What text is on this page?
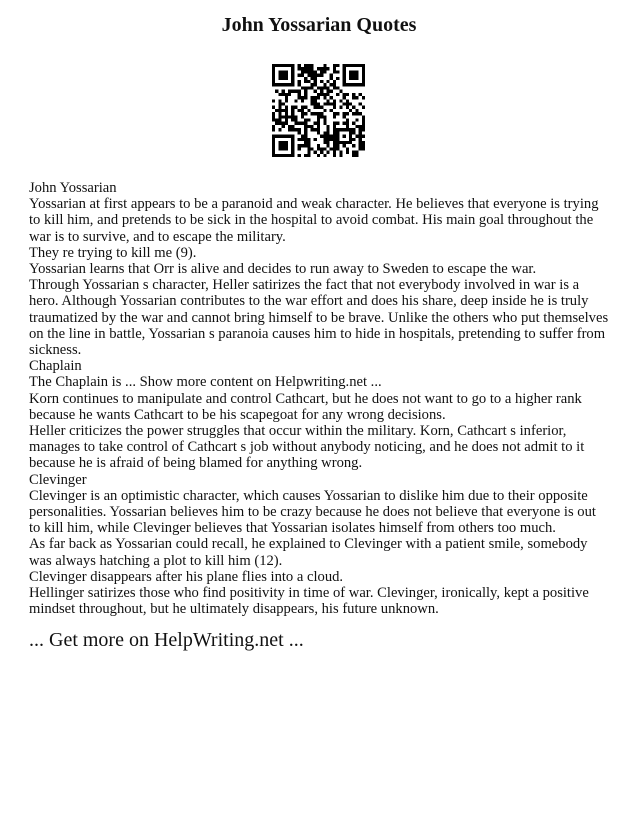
John Yossarian Quotes

John Yossarian

Yossarian at first appears to be a paranoid and weak character. He believes that everyone is trying to kill him, and pretends to be sick in the hospital to avoid combat. His main goal throughout the war is to survive, and to escape the military.

They re trying to kill me (9).

Yossarian learns that Orr is alive and decides to run away to Sweden to escape the war.

Through Yossarian s character, Heller satirizes the fact that not everybody involved in war is a hero. Although Yossarian contributes to the war effort and does his share, deep inside he is truly traumatized by the war and cannot bring himself to be brave. Unlike the others who put themselves on the line in battle, Yossarian s paranoia causes him to hide in hospitals, pretending to suffer from sickness.

Chaplain

The Chaplain is ... Show more content on Helpwriting.net ...

Korn continues to manipulate and control Cathcart, but he does not want to go to a higher rank because he wants Cathcart to be his scapegoat for any wrong decisions.

Heller criticizes the power struggles that occur within the military. Korn, Cathcart s inferior, manages to take control of Cathcart s job without anybody noticing, and he does not admit to it because he is afraid of being blamed for anything wrong.

Clevinger

Clevinger is an optimistic character, which causes Yossarian to dislike him due to their opposite personalities. Yossarian believes him to be crazy because he does not believe that everyone is out to kill him, while Clevinger believes that Yossarian isolates himself from others too much.

As far back as Yossarian could recall, he explained to Clevinger with a patient smile, somebody was always hatching a plot to kill him (12).

Clevinger disappears after his plane flies into a cloud.

Hellinger satirizes those who find positivity in time of war. Clevinger, ironically, kept a positive mindset throughout, but he ultimately disappears, his future unknown.

... Get more on HelpWriting.net ...
